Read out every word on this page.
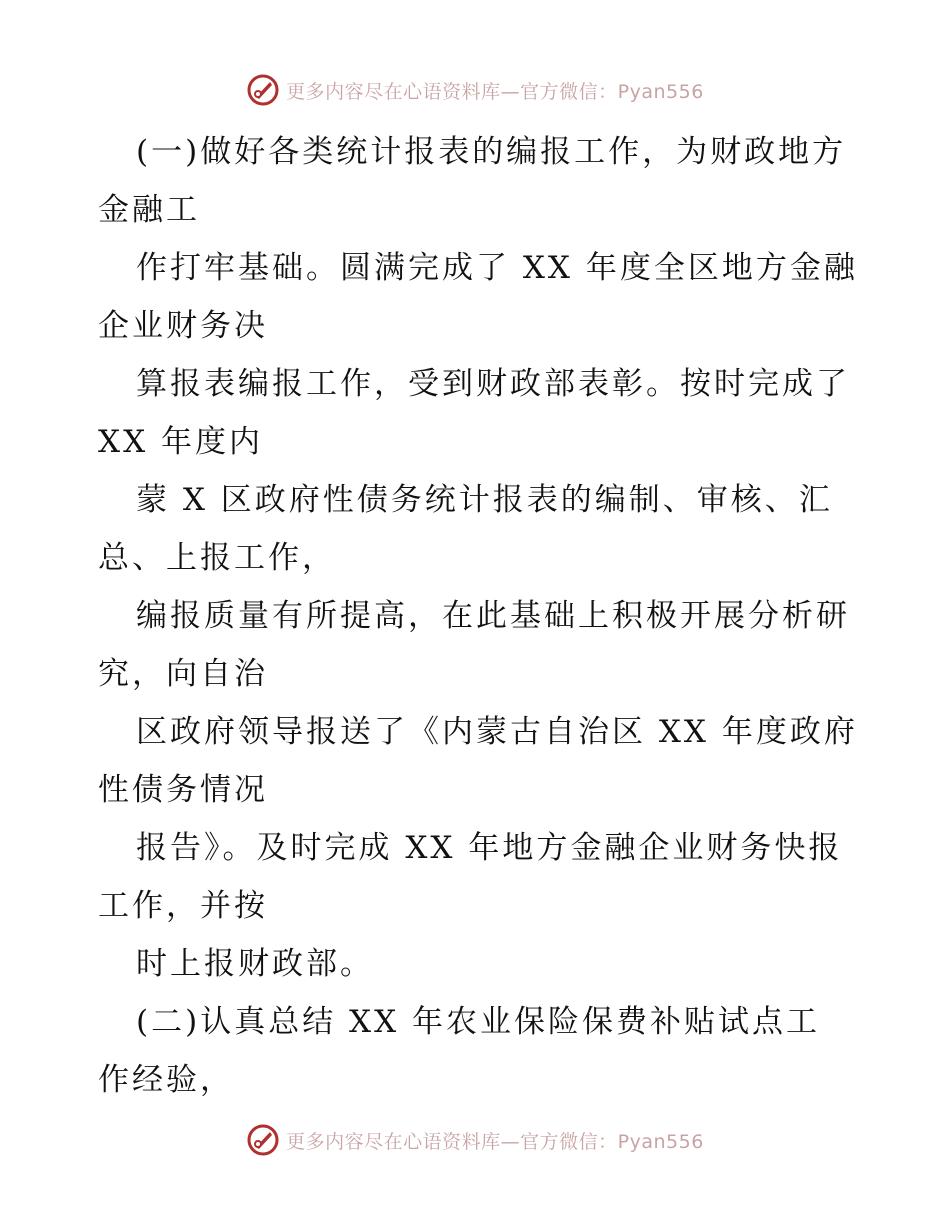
更多内容尽在心语资料库—官方微信：Pyan556
(一)做好各类统计报表的编报工作，为财政地方
金融工
作打牢基础。圆满完成了 XX 年度全区地方金融
企业财务决
算报表编报工作，受到财政部表彰。按时完成了
XX 年度内
蒙 X 区政府性债务统计报表的编制、审核、汇
总、上报工作，
编报质量有所提高，在此基础上积极开展分析研
究，向自治
区政府领导报送了《内蒙古自治区 XX 年度政府
性债务情况
报告》。及时完成 XX 年地方金融企业财务快报
工作，并按
时上报财政部。
(二)认真总结 XX 年农业保险保费补贴试点工
作经验，
更多内容尽在心语资料库—官方微信：Pyan556
